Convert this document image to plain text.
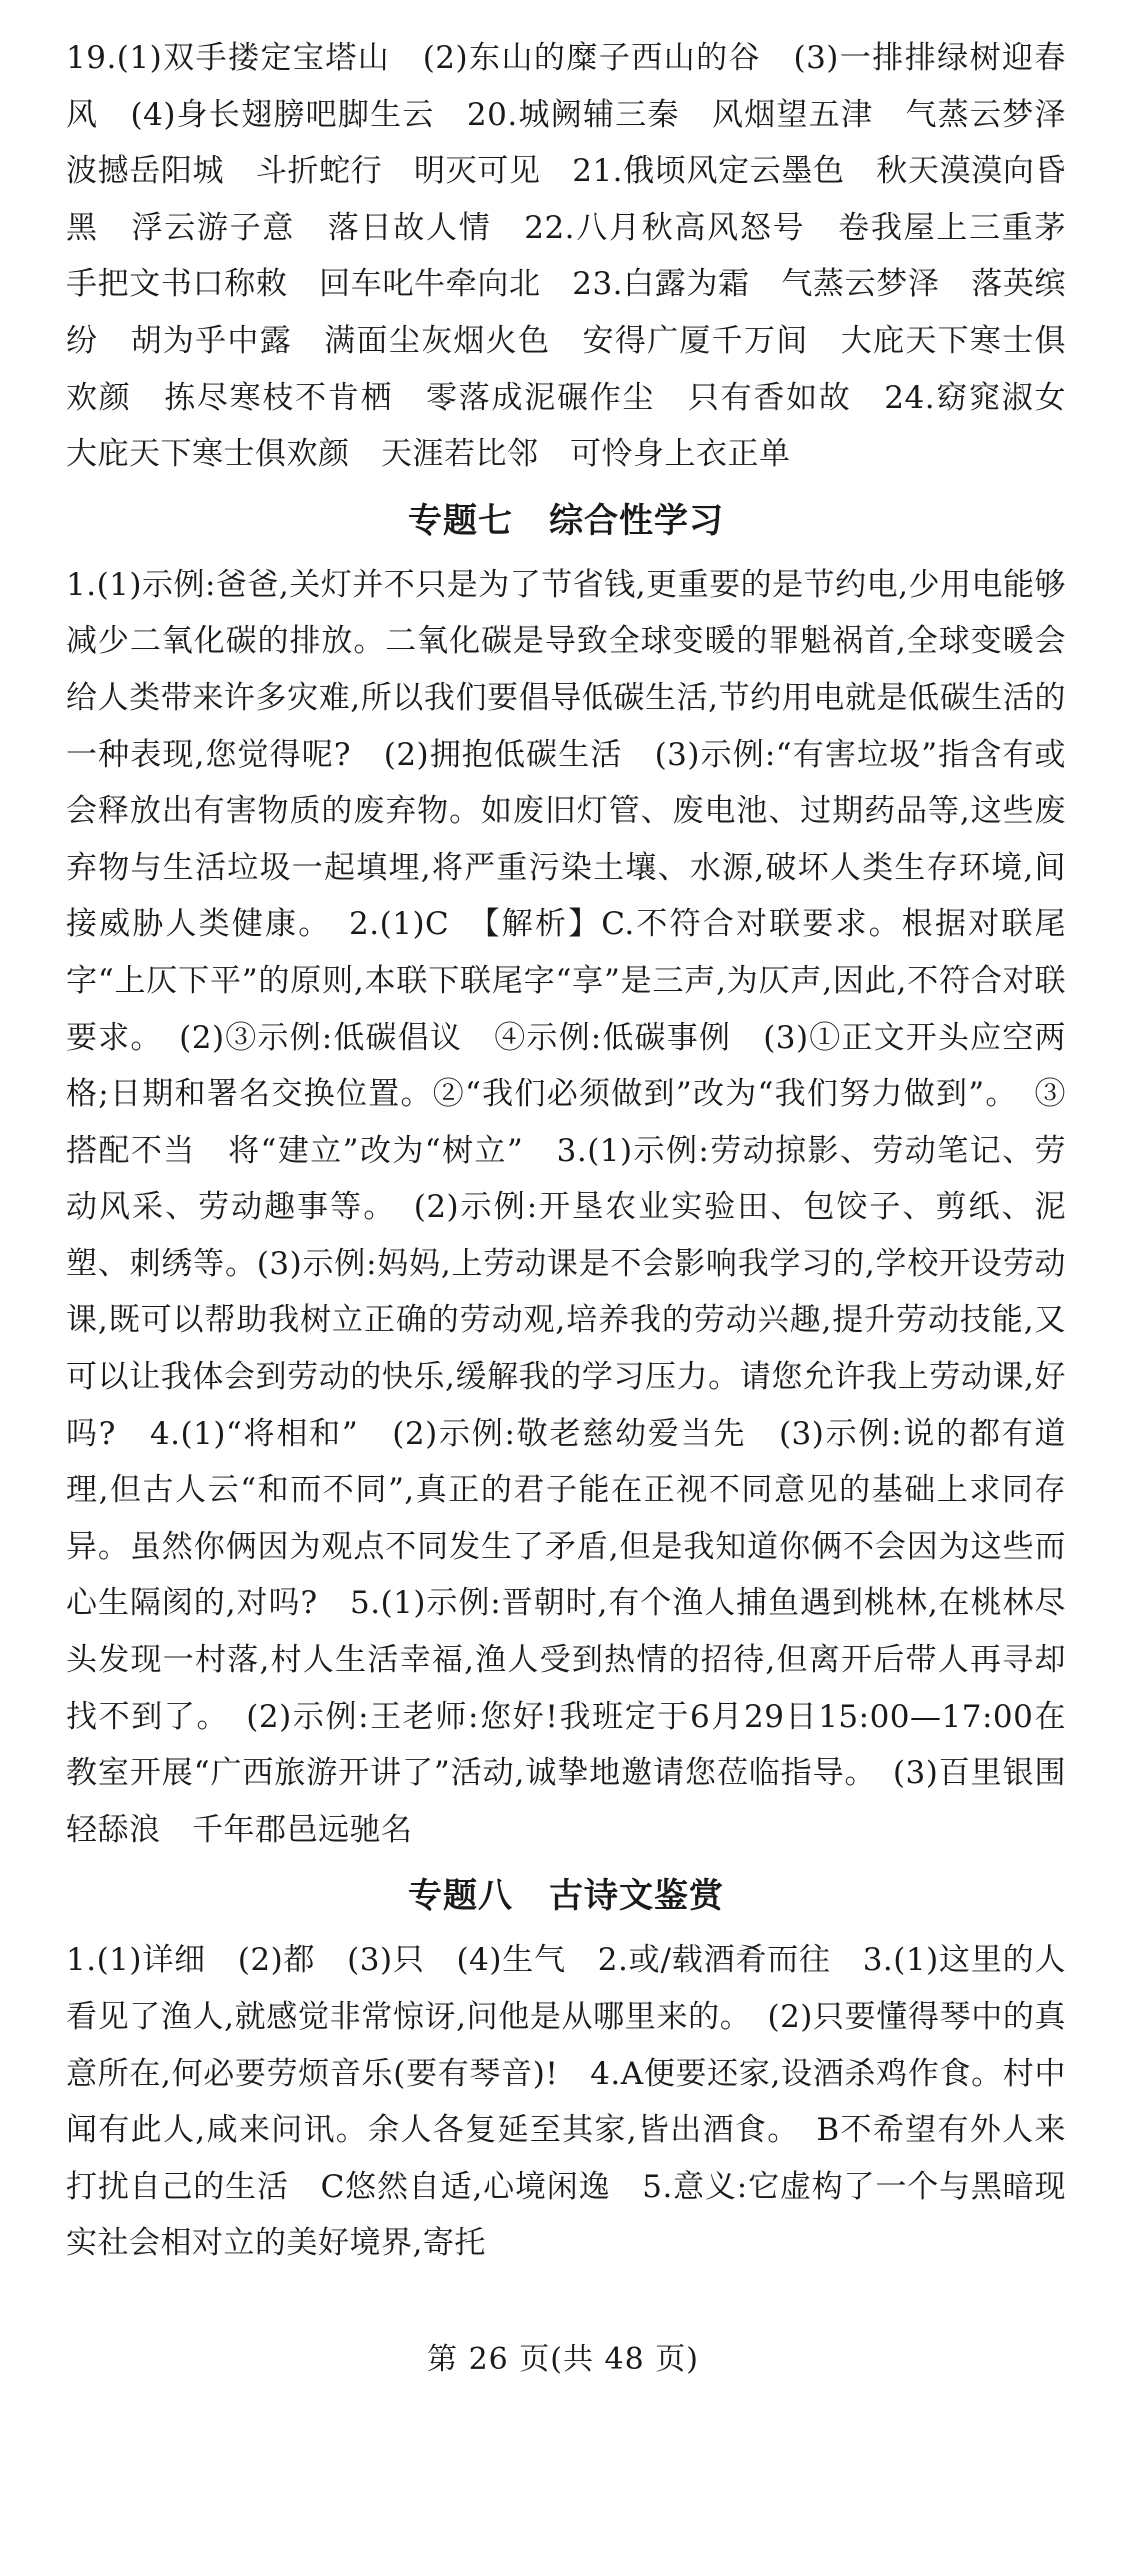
19.(1)双手搂定宝塔山　(2)东山的糜子西山的谷　(3)一排排绿树迎春风　(4)身长翅膀吧脚生云　20.城阙辅三秦　风烟望五津　气蒸云梦泽　波撼岳阳城　斗折蛇行　明灭可见　21.俄顷风定云墨色　秋天漠漠向昏黑　浮云游子意　落日故人情　22.八月秋高风怒号　卷我屋上三重茅　手把文书口称敕　回车叱牛牵向北　23.白露为霜　气蒸云梦泽　落英缤纷　胡为乎中露　满面尘灰烟火色　安得广厦千万间　大庇天下寒士俱欢颜　拣尽寒枝不肯栖　零落成泥碾作尘　只有香如故　24.窈窕淑女　大庇天下寒士俱欢颜　天涯若比邻　可怜身上衣正单

专题七 综合性学习

1.(1)示例:爸爸,关灯并不只是为了节省钱,更重要的是节约电,少用电能够减少二氧化碳的排放。二氧化碳是导致全球变暖的罪魁祸首,全球变暖会给人类带来许多灾难,所以我们要倡导低碳生活,节约用电就是低碳生活的一种表现,您觉得呢?　(2)拥抱低碳生活　(3)示例:“有害垃圾”指含有或会释放出有害物质的废弃物。如废旧灯管、废电池、过期药品等,这些废弃物与生活垃圾一起填埋,将严重污染土壤、水源,破坏人类生存环境,间接威胁人类健康。　2.(1)C　【解析】C.不符合对联要求。根据对联尾字“上仄下平”的原则,本联下联尾字“享”是三声,为仄声,因此,不符合对联要求。　(2)③示例:低碳倡议　④示例:低碳事例　(3)①正文开头应空两格;日期和署名交换位置。②“我们必须做到”改为“我们努力做到”。　③搭配不当　将“建立”改为“树立”　3.(1)示例:劳动掠影、劳动笔记、劳动风采、劳动趣事等。　(2)示例:开垦农业实验田、包饺子、剪纸、泥塑、刺绣等。(3)示例:妈妈,上劳动课是不会影响我学习的,学校开设劳动课,既可以帮助我树立正确的劳动观,培养我的劳动兴趣,提升劳动技能,又可以让我体会到劳动的快乐,缓解我的学习压力。请您允许我上劳动课,好吗?　4.(1)“将相和”　(2)示例:敬老慈幼爱当先　(3)示例:说的都有道理,但古人云“和而不同”,真正的君子能在正视不同意见的基础上求同存异。虽然你俩因为观点不同发生了矛盾,但是我知道你俩不会因为这些而心生隔阂的,对吗?　5.(1)示例:晋朝时,有个渔人捕鱼遇到桃林,在桃林尽头发现一村落,村人生活幸福,渔人受到热情的招待,但离开后带人再寻却找不到了。　(2)示例:王老师:您好!我班定于6月29日15:00—17:00在教室开展“广西旅游开讲了”活动,诚挚地邀请您莅临指导。　(3)百里银围轻舔浪　千年郡邑远驰名

专题八 古诗文鉴赏

1.(1)详细　(2)都　(3)只　(4)生气　2.或/载酒肴而往　3.(1)这里的人看见了渔人,就感觉非常惊讶,问他是从哪里来的。　(2)只要懂得琴中的真意所在,何必要劳烦音乐(要有琴音)!　4.A便要还家,设酒杀鸡作食。村中闻有此人,咸来问讯。余人各复延至其家,皆出酒食。　B不希望有外人来打扰自己的生活　C悠然自适,心境闲逸　5.意义:它虚构了一个与黑暗现实社会相对立的美好境界,寄托

第 26 页(共 48 页)
